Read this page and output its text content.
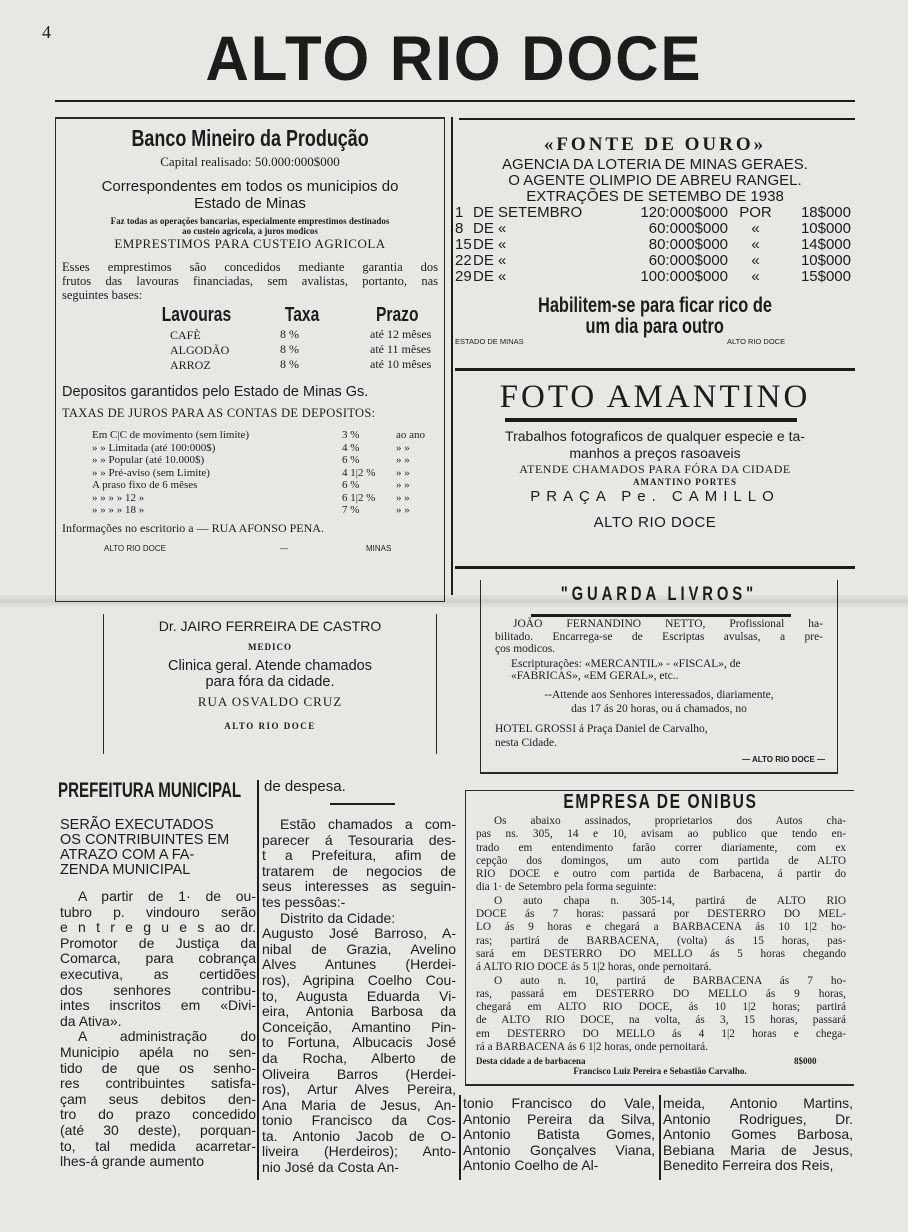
4	ALTO RIO DOCE
Banco Mineiro da Produção
Capital realisado: 50.000:000$000
Correspondentes em todos os municipios do
Estado de Minas
Faz todas as operações bancarias, especialmente emprestimos destinados
ao custeio agricola, a juros modicos
EMPRESTIMOS PARA CUSTEIO AGRICOLA
Esses emprestimos são concedidos mediante garantia dos
frutos das lavouras financiadas, sem avalistas, portanto, nas
seguintes bases:
Lavouras	Taxa	Prazo
CAFÈ	8 %	até 12 mêses
ALGODÃO	8 %	até 11 mêses
ARROZ	8 %	até 10 mêses
Depositos garantidos pelo Estado de Minas Gs.
TAXAS DE JUROS PARA AS CONTAS DE DEPOSITOS:
Em C|C de movimento (sem limite)	3 %	ao ano
» » Limitada (até 100:000$)	4 %	» »
» » Popular (até 10.000$)	6 %	» »
» » Pré-aviso (sem Limite)	4 1|2 %	» »
A praso fixo de 6 mêses	6 %	» »
» » » » 12 »	6 1|2 %	» »
» » » » 18 »	7 %	» »
Informações no escritorio a — RUA AFONSO PENA.
ALTO RIO DOCE	—	MINAS
«FONTE DE OURO»
AGENCIA DA LOTERIA DE MINAS GERAES.
O AGENTE OLIMPIO DE ABREU RANGEL.
EXTRAÇÕES DE SETEMBO DE 1938
1	DE SETEMBRO	120:000$000	POR	18$000
8	DE «	60:000$000	«	10$000
15	DE «	80:000$000	«	14$000
22	DE «	60:000$000	«	10$000
29	DE «	100:000$000	«	15$000
Habilitem-se para ficar rico de
um dia para outro
ESTADO DE MINAS	ALTO RIO DOCE
FOTO AMANTINO
Trabalhos fotograficos de qualquer especie e ta-
manhos a preços rasoaveis
ATENDE CHAMADOS PARA FÓRA DA CIDADE
AMANTINO PORTES
PRAÇA Pe. CAMILLO
ALTO RIO DOCE
"GUARDA LIVROS"
JOÃO FERNANDINO NETTO, Profissional ha-
bilitado. Encarrega-se de Escriptas avulsas, a pre-
ços modicos.
Escripturações: «MERCANTIL» - «FISCAL», de
«FABRICAS», «EM GERAL», etc..
--Attende aos Senhores interessados, diariamente,
das 17 ás 20 horas, ou á chamados, no
HOTEL GROSSI á Praça Daniel de Carvalho,
nesta Cidade.
— ALTO RIO DOCE —
Dr. JAIRO FERREIRA DE CASTRO
MEDICO
Clinica geral. Atende chamados
para fóra da cidade.
RUA OSVALDO CRUZ
ALTO RIO DOCE
PREFEITURA MUNICIPAL
SERÃO EXECUTADOS
OS CONTRIBUINTES EM
ATRAZO COM A FA-
ZENDA MUNICIPAL
A partir de 1· de ou-
tubro p. vindouro serão
e n t r e g u e s ao dr.
Promotor de Justiça da
Comarca, para cobrança
executiva, as certidões
dos senhores contribu-
intes inscritos em «Divi-
da Ativa».
A administração do
Municipio apéla no sen-
tido de que os senho-
res contribuintes satisfa-
çam seus debitos den-
tro do prazo concedido
(até 30 deste), porquan-
to, tal medida acarretar-
lhes-á grande aumento
de despesa.
Estão chamados a com-
parecer á Tesouraria des-
t a Prefeitura, afim de
tratarem de negocios de
seus interesses as seguin-
tes pessôas:-
Distrito da Cidade:
Augusto José Barroso, A-
nibal de Grazia, Avelino
Alves Antunes (Herdei-
ros), Agripina Coelho Cou-
to, Augusta Eduarda Vi-
eira, Antonia Barbosa da
Conceição, Amantino Pin-
to Fortuna, Albucacis José
da Rocha, Alberto de
Oliveira Barros (Herdei-
ros), Artur Alves Pereira,
Ana Maria de Jesus, An-
tonio Francisco da Cos-
ta. Antonio Jacob de O-
liveira (Herdeiros); Anto-
nio José da Costa An-
tonio Francisco do Vale,
Antonio Pereira da Silva,
Antonio Batista Gomes,
Antonio Gonçalves Viana,
Antonio Coelho de Al-
meida, Antonio Martins,
Antonio Rodrigues, Dr.
Antonio Gomes Barbosa,
Bebiana Maria de Jesus,
Benedito Ferreira dos Reis,
EMPRESA DE ONIBUS
Os abaixo assinados, proprietarios dos Autos cha-
pas ns. 305, 14 e 10, avisam ao publico que tendo en-
trado em entendimento farão correr diariamente, com ex
cepção dos domingos, um auto com partida de ALTO
RIO DOCE e outro com partida de Barbacena, á partir do
dia 1· de Setembro pela forma seguinte:
O auto chapa n. 305-14, partirá de ALTO RIO
DOCE ás 7 horas: passará por DESTERRO DO MEL-
LO ás 9 horas e chegará a BARBACENA ás 10 1|2 ho-
ras; partirá de BARBACENA, (volta) ás 15 horas, pas-
sará em DESTERRO DO MELLO ás 5 horas chegando
á ALTO RIO DOCE ás 5 1|2 horas, onde pernoitará.
O auto n. 10, partirá de BARBACENA ás 7 ho-
ras, passará em DESTERRO DO MELLO ás 9 horas,
chegará em ALTO RIO DOCE, ás 10 1|2 horas; partirá
de ALTO RIO DOCE, na volta, ás 3, 15 horas, passará
em DESTERRO DO MELLO ás 4 1|2 horas e chega-
rá a BARBACENA ás 6 1|2 horas, onde pernoitará.
Desta cidade a de barbacena	8$000
Francisco Luiz Pereira e Sebastião Carvalho.
